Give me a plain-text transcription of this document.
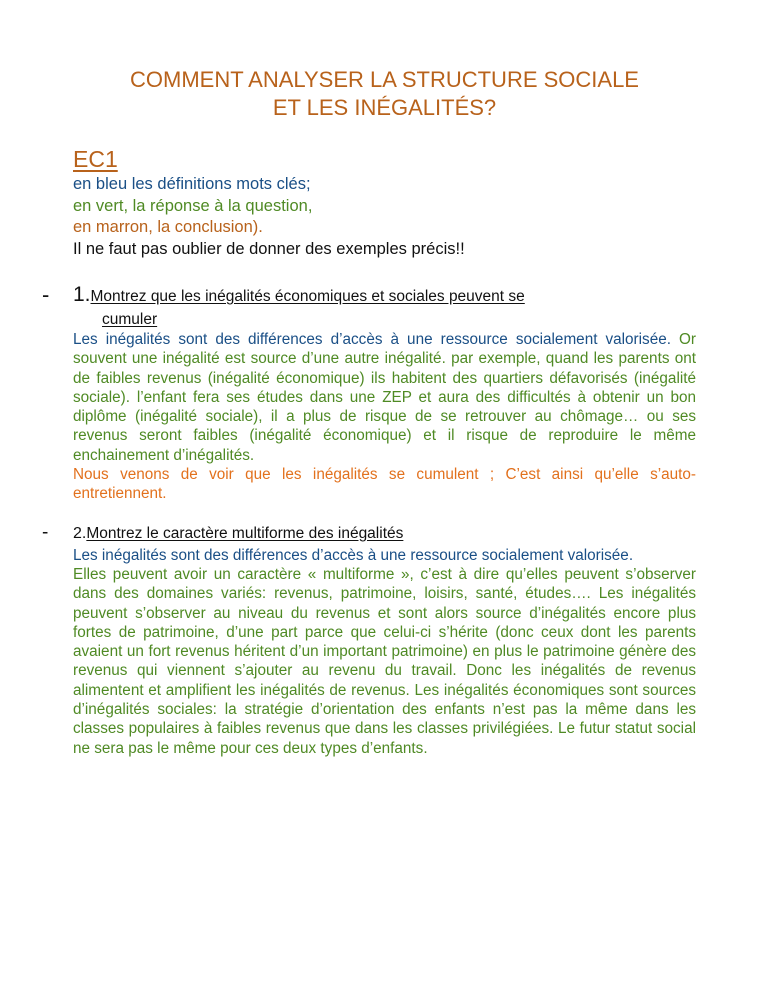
COMMENT ANALYSER LA STRUCTURE SOCIALE
ET LES INÉGALITÉS?
EC1
en bleu les définitions mots clés;
en vert, la réponse à la question,
en marron, la conclusion).
Il ne faut pas oublier de donner des exemples précis!!
- 1.Montrez que les inégalités économiques et sociales peuvent se
cumuler

Les inégalités sont des différences d’accès à une ressource socialement valorisée. Or souvent une inégalité est source d’une autre inégalité. par exemple, quand les parents ont de faibles revenus (inégalité économique) ils habitent des quartiers défavorisés (inégalité sociale). l’enfant fera ses études dans une ZEP et aura des difficultés à obtenir un bon diplôme (inégalité sociale), il a plus de risque de se retrouver au chômage… ou ses revenus seront faibles (inégalité économique) et il risque de reproduire le même enchainement d’inégalités.
Nous venons de voir que les inégalités se cumulent ; C’est ainsi qu’elle s’auto-entretiennent.

- 2.Montrez le caractère multiforme des inégalités

Les inégalités sont des différences d’accès à une ressource socialement valorisée.
Elles peuvent avoir un caractère « multiforme », c’est à dire qu’elles peuvent s’observer dans des domaines variés: revenus, patrimoine, loisirs, santé, études…. Les inégalités peuvent s’observer au niveau du revenus et sont alors source d’inégalités encore plus fortes de patrimoine, d’une part parce que celui-ci s’hérite (donc ceux dont les parents avaient un fort revenus héritent d’un important patrimoine) en plus le patrimoine génère des revenus qui viennent s’ajouter au revenu du travail. Donc les inégalités de revenus alimentent et amplifient les inégalités de revenus. Les inégalités économiques sont sources d’inégalités sociales: la stratégie d’orientation des enfants n’est pas la même dans les classes populaires à faibles revenus que dans les classes privilégiées. Le futur statut social ne sera pas le même pour ces deux types d’enfants.
